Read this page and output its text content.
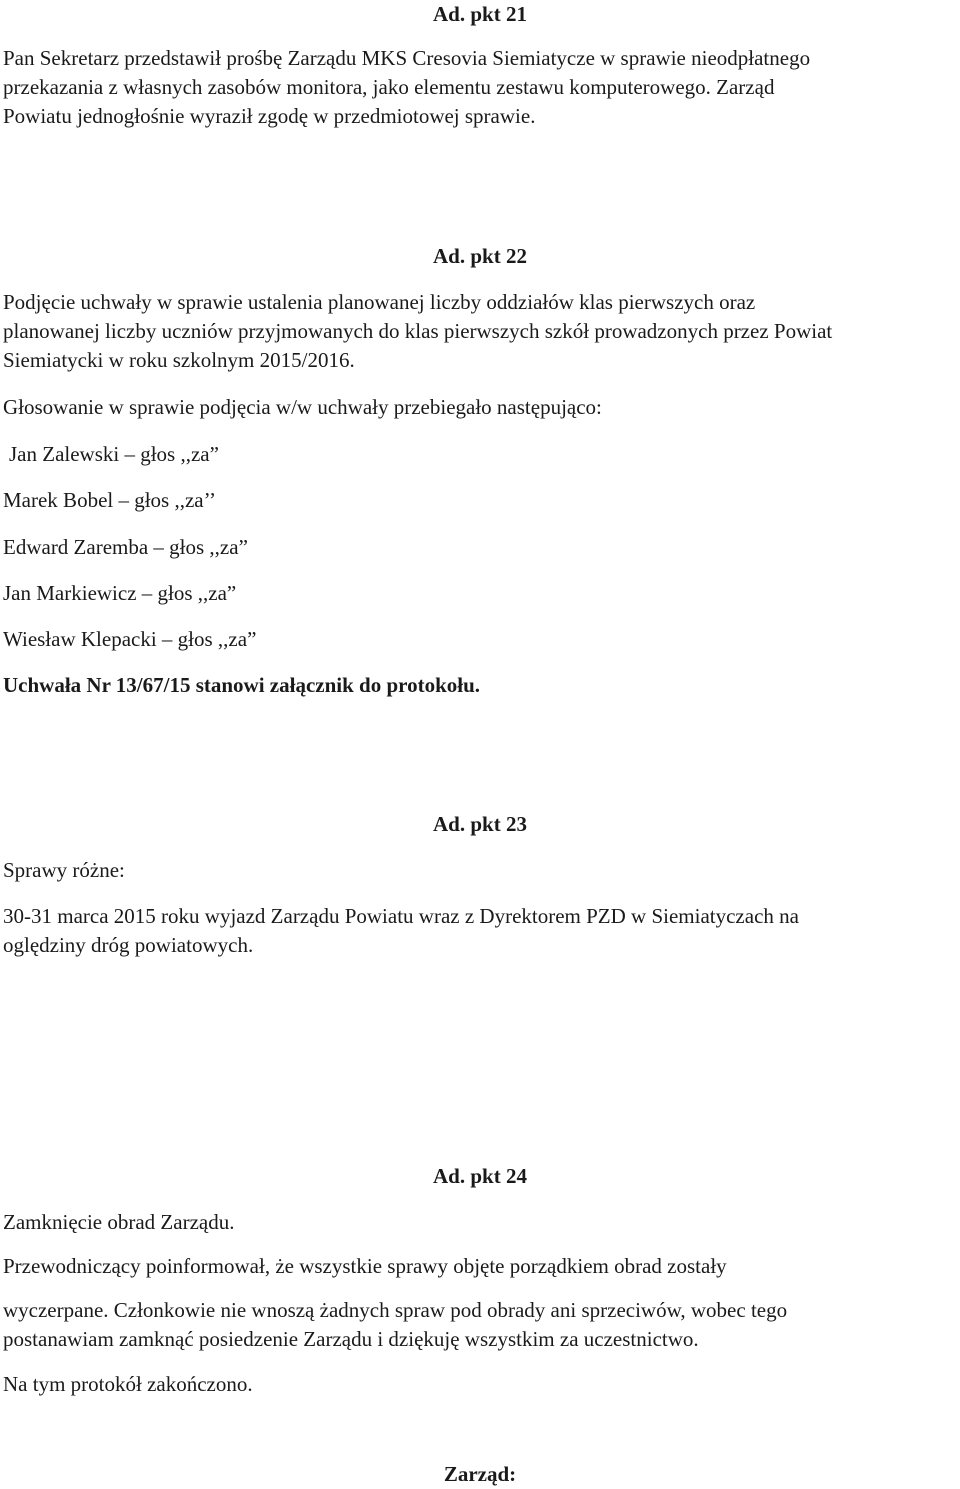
Ad. pkt 21

Pan Sekretarz przedstawił prośbę Zarządu MKS Cresovia Siemiatycze w sprawie nieodpłatnego
przekazania z własnych zasobów monitora, jako elementu zestawu komputerowego. Zarząd
Powiatu jednogłośnie wyraził zgodę w przedmiotowej sprawie.

Ad. pkt 22

Podjęcie uchwały w sprawie ustalenia planowanej liczby oddziałów klas pierwszych oraz
planowanej liczby uczniów przyjmowanych do klas pierwszych szkół prowadzonych przez Powiat
Siemiatycki w roku szkolnym 2015/2016.

Głosowanie w sprawie podjęcia w/w uchwały przebiegało następująco:

Jan Zalewski – głos ,,za”

Marek Bobel – głos ,,za’’

Edward Zaremba – głos ,,za”

Jan Markiewicz – głos ,,za”

Wiesław Klepacki – głos ,,za”

Uchwała Nr 13/67/15 stanowi załącznik do protokołu.

Ad. pkt 23

Sprawy różne:

30-31 marca 2015 roku wyjazd Zarządu Powiatu wraz z Dyrektorem PZD w Siemiatyczach na
oględziny dróg powiatowych.

Ad. pkt 24

Zamknięcie obrad Zarządu.

Przewodniczący poinformował, że wszystkie sprawy objęte porządkiem obrad zostały

wyczerpane. Członkowie nie wnoszą żadnych spraw pod obrady ani sprzeciwów, wobec tego
postanawiam zamknąć posiedzenie Zarządu i dziękuję wszystkim za uczestnictwo.

Na tym protokół zakończono.

Zarząd:
